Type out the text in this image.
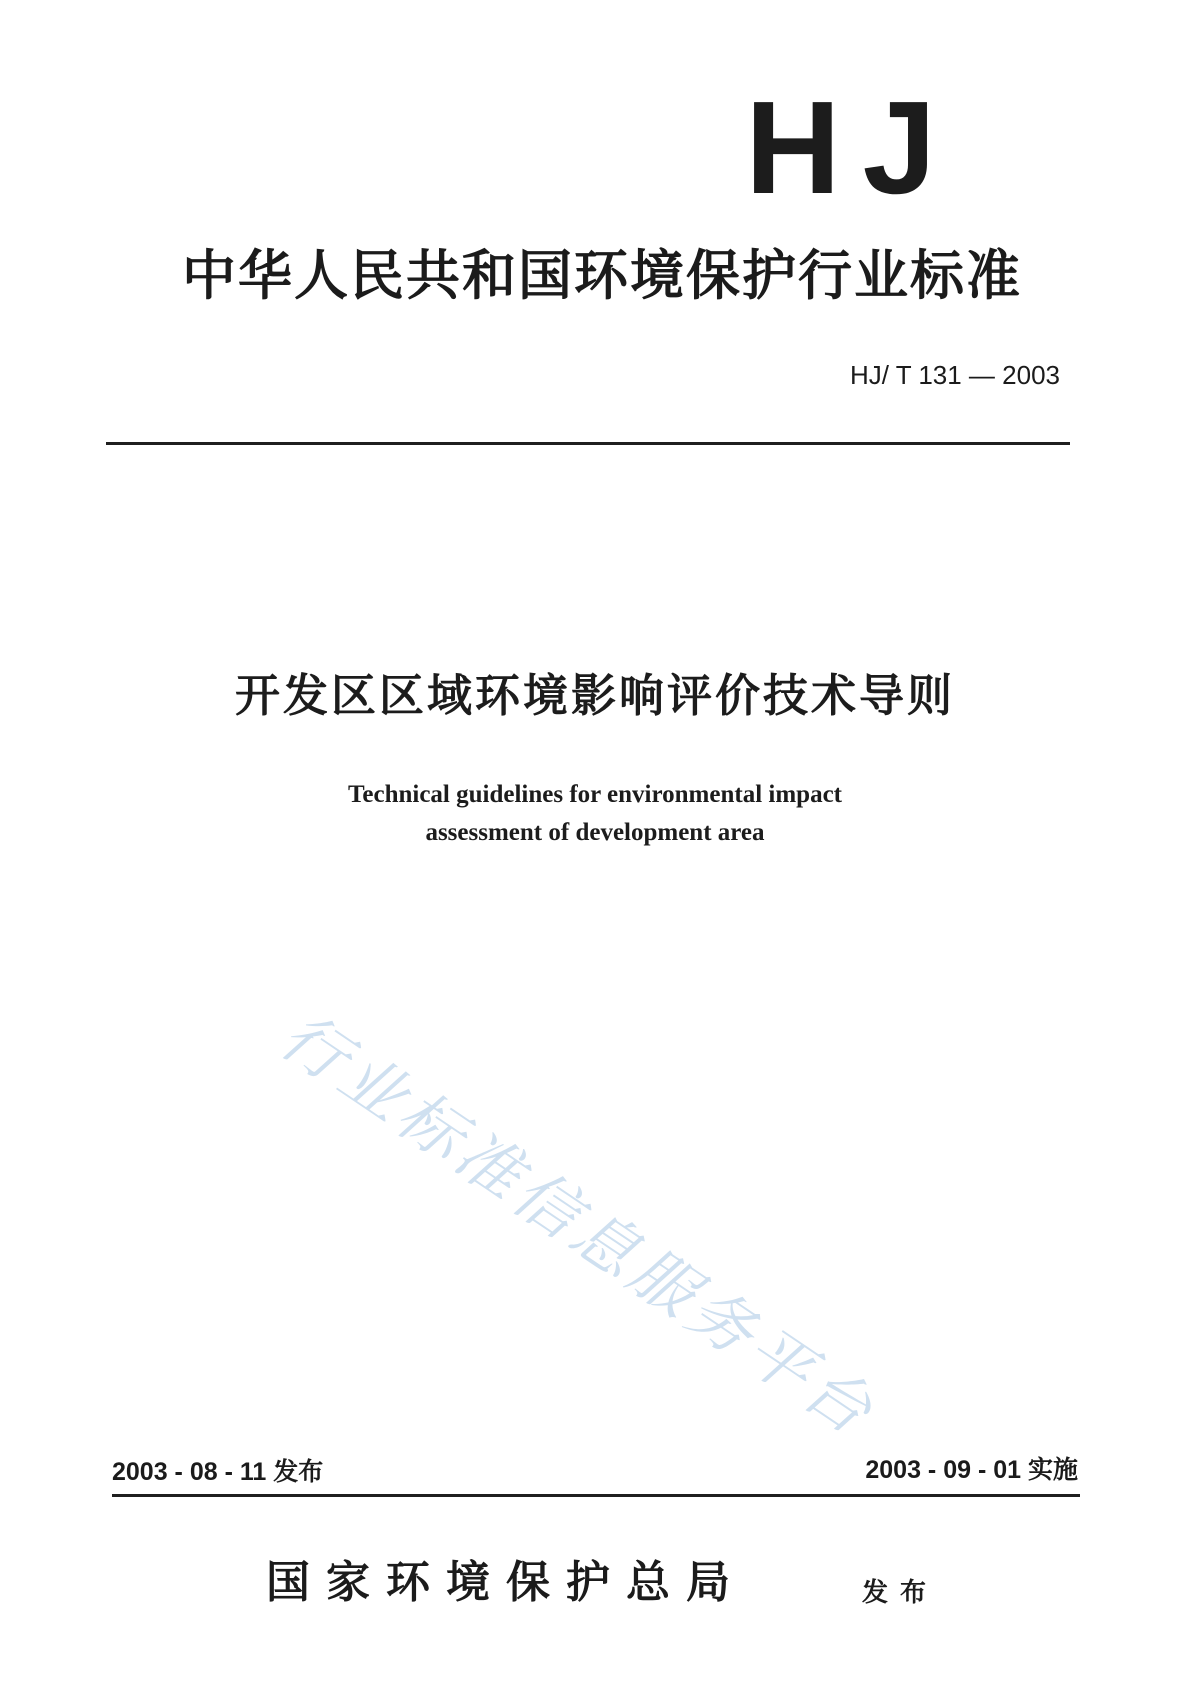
HJ
中华人民共和国环境保护行业标准
HJ/ T 131 — 2003
开发区区域环境影响评价技术导则
Technical guidelines for environmental impact
assessment of development area
行业标准信息服务平台
2003 - 08 - 11 发布	2003 - 09 - 01 实施
国家环境保护总局	发布
